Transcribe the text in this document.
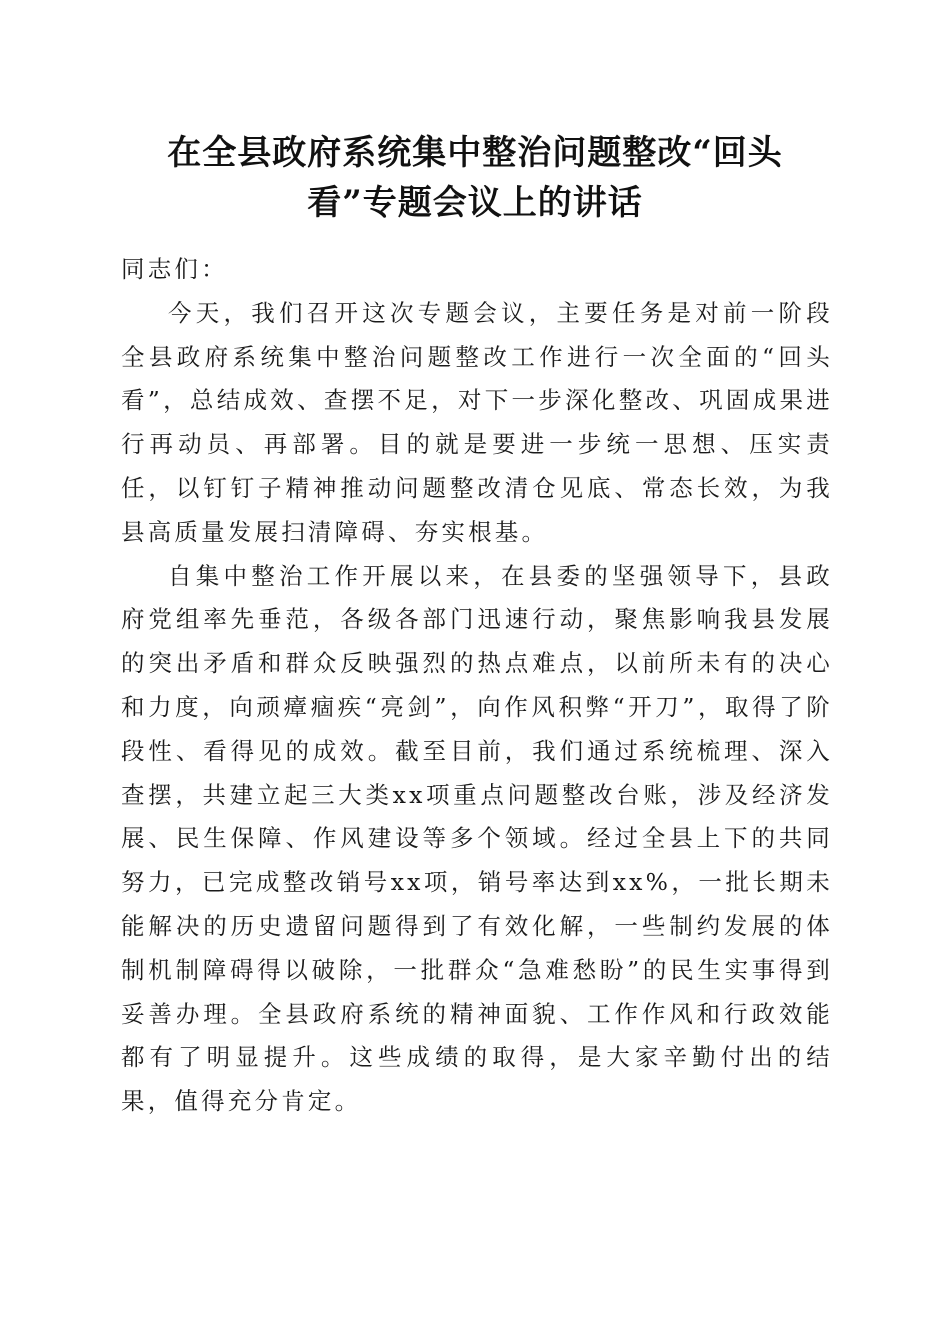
在全县政府系统集中整治问题整改“回头
看”专题会议上的讲话

同志们：

今天，我们召开这次专题会议，主要任务是对前一阶段全县政府系统集中整治问题整改工作进行一次全面的“回头看”，总结成效、查摆不足，对下一步深化整改、巩固成果进行再动员、再部署。目的就是要进一步统一思想、压实责任，以钉钉子精神推动问题整改清仓见底、常态长效，为我县高质量发展扫清障碍、夯实根基。

自集中整治工作开展以来，在县委的坚强领导下，县政府党组率先垂范，各级各部门迅速行动，聚焦影响我县发展的突出矛盾和群众反映强烈的热点难点，以前所未有的决心和力度，向顽瘴痼疾“亮剑”，向作风积弊“开刀”，取得了阶段性、看得见的成效。截至目前，我们通过系统梳理、深入查摆，共建立起三大类xx项重点问题整改台账，涉及经济发展、民生保障、作风建设等多个领域。经过全县上下的共同努力，已完成整改销号xx项，销号率达到xx%，一批长期未能解决的历史遗留问题得到了有效化解，一些制约发展的体制机制障碍得以破除，一批群众“急难愁盼”的民生实事得到妥善办理。全县政府系统的精神面貌、工作作风和行政效能都有了明显提升。这些成绩的取得，是大家辛勤付出的结果，值得充分肯定。
